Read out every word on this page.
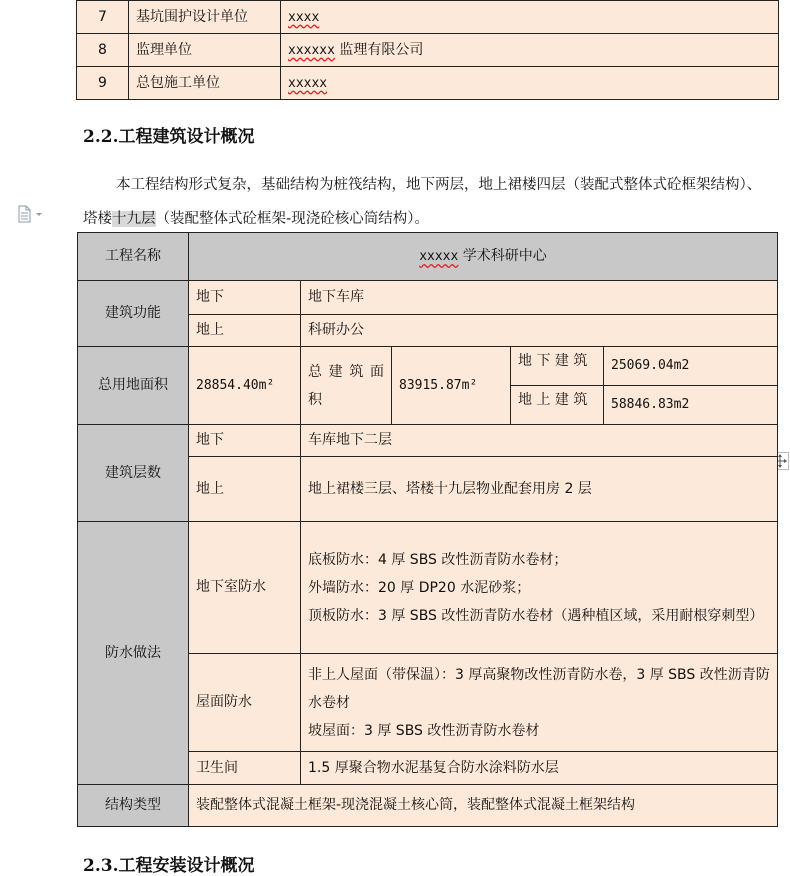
7	基坑围护设计单位	xxxx
8	监理单位	xxxxxx 监理有限公司
9	总包施工单位	xxxxx
2.2.工程建筑设计概况
本工程结构形式复杂，基础结构为桩筏结构，地下两层，地上裙楼四层（装配式整体式砼框架结构）、塔楼十九层（装配整体式砼框架-现浇砼核心筒结构）。
工程名称	xxxxx 学术科研中心				
建筑功能	地下	地下车库			
	地上	科研办公			
总用地面积	28854.40m²	总 建 筑 面 积	83915.87m²	地 下 建 筑	25069.04m2
				地 上 建 筑	58846.83m2
建筑层数	地下	车库地下二层			
	地上	地上裙楼三层、塔楼十九层物业配套用房 2 层			
防水做法	地下室防水	底板防水：4 厚 SBS 改性沥青防水卷材；
外墙防水：20 厚 DP20 水泥砂浆；
顶板防水：3 厚 SBS 改性沥青防水卷材（遇种植区域，采用耐根穿刺型）			

	屋面防水	非上人屋面（带保温）：3 厚高聚物改性沥青防水卷，3 厚 SBS 改性沥青防水卷材
坡屋面：3 厚 SBS 改性沥青防水卷材			

	卫生间	1.5 厚聚合物水泥基复合防水涂料防水层			
结构类型	装配整体式混凝土框架-现浇混凝土核心筒，装配整体式混凝土框架结构				
2.3.工程安装设计概况
